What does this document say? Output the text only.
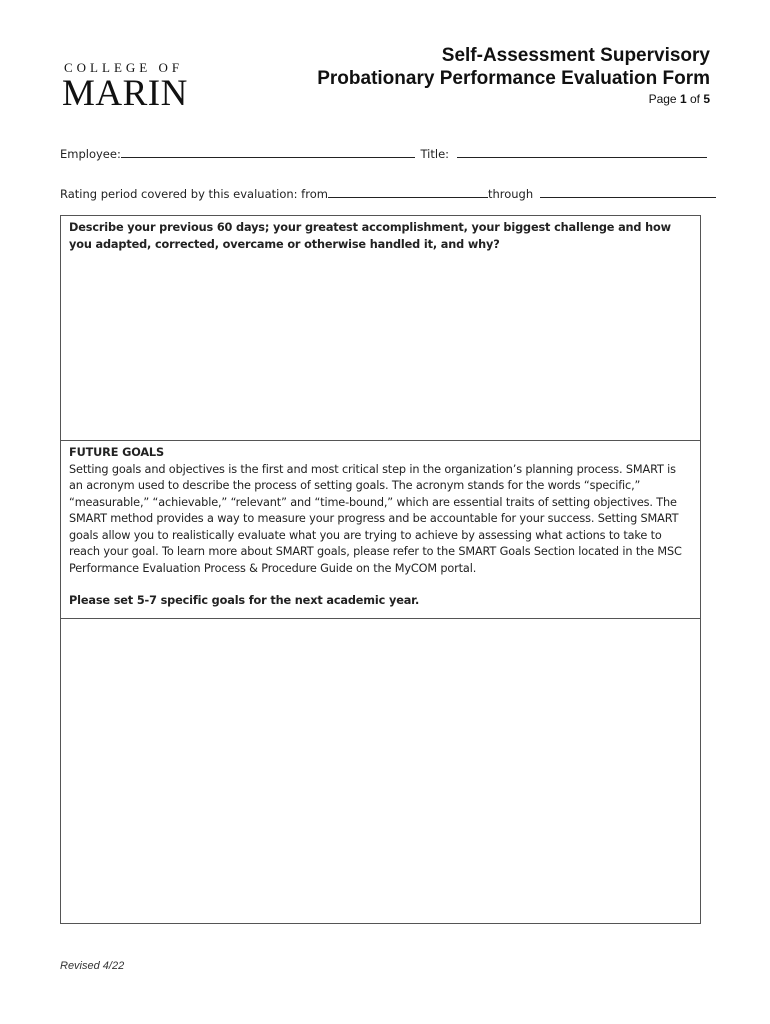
COLLEGE OF
MARIN
Self-Assessment Supervisory
Probationary Performance Evaluation Form
Page 1 of 5
Employee:	Title:
Rating period covered by this evaluation: from	through
Describe your previous 60 days; your greatest accomplishment, your biggest challenge and how you adapted, corrected, overcame or otherwise handled it, and why?

FUTURE GOALS

Setting goals and objectives is the first and most critical step in the organization’s planning process. SMART is an acronym used to describe the process of setting goals. The acronym stands for the words “specific,” “measurable,” “achievable,” “relevant” and “time-bound,” which are essential traits of setting objectives. The SMART method provides a way to measure your progress and be accountable for your success. Setting SMART goals allow you to realistically evaluate what you are trying to achieve by assessing what actions to take to reach your goal. To learn more about SMART goals, please refer to the SMART Goals Section located in the MSC Performance Evaluation Process & Procedure Guide on the MyCOM portal.

Please set 5-7 specific goals for the next academic year.

Revised 4/22
